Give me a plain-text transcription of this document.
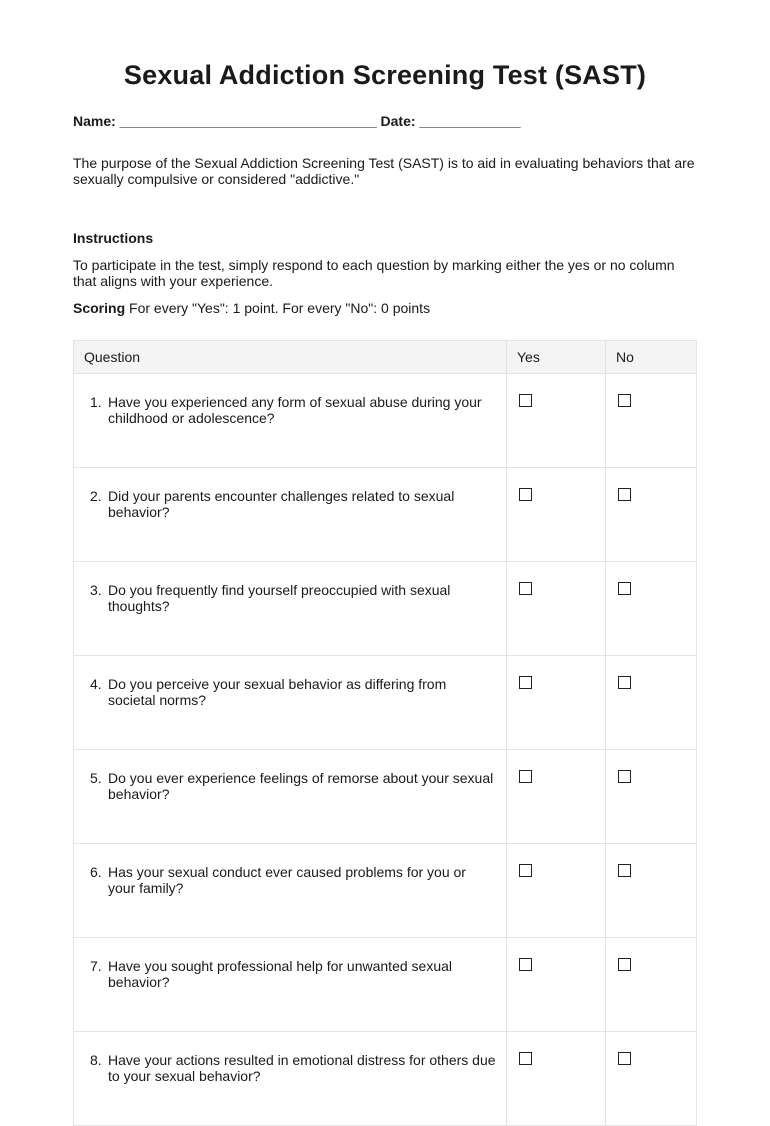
Sexual Addiction Screening Test (SAST)
Name: _________________________________ Date: _____________
The purpose of the Sexual Addiction Screening Test (SAST) is to aid in evaluating behaviors that are sexually compulsive or considered "addictive."
Instructions
To participate in the test, simply respond to each question by marking either the yes or no column that aligns with your experience.
Scoring For every "Yes": 1 point. For every "No": 0 points
Question	Yes	No

1. Have you experienced any form of sexual abuse during your childhood or adolescence?		

2. Did your parents encounter challenges related to sexual behavior?		

3. Do you frequently find yourself preoccupied with sexual thoughts?		

4. Do you perceive your sexual behavior as differing from societal norms?		

5. Do you ever experience feelings of remorse about your sexual behavior?		

6. Has your sexual conduct ever caused problems for you or your family?		

7. Have you sought professional help for unwanted sexual behavior?		

8. Have your actions resulted in emotional distress for others due to your sexual behavior?		
